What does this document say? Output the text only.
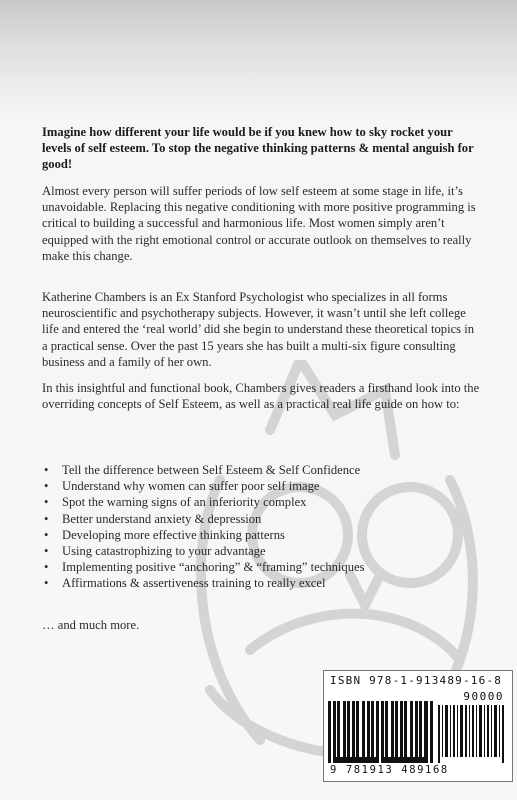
Imagine how different your life would be if you knew how to sky rocket your levels of self esteem. To stop the negative thinking patterns & mental anguish for good!
Almost every person will suffer periods of low self esteem at some stage in life, it’s unavoidable. Replacing this negative conditioning with more positive programming is critical to building a successful and harmonious life. Most women simply aren’t equipped with the right emotional control or accurate outlook on themselves to really make this change.
Katherine Chambers is an Ex Stanford Psychologist who specializes in all forms neuroscientific and psychotherapy subjects. However, it wasn’t until she left college life and entered the ‘real world’ did she begin to understand these theoretical topics in a practical sense. Over the past 15 years she has built a multi-six figure consulting business and a family of her own.
In this insightful and functional book, Chambers gives readers a firsthand look into the overriding concepts of Self Esteem, as well as a practical real life guide on how to:
• Tell the difference between Self Esteem & Self Confidence
• Understand why women can suffer poor self image
• Spot the warning signs of an inferiority complex
• Better understand anxiety & depression
• Developing more effective thinking patterns
• Using catastrophizing to your advantage
• Implementing positive “anchoring” & “framing” techniques
• Affirmations & assertiveness training to really excel
… and much more.
ISBN 978-1-913489-16-8
90000
9 781913 489168
